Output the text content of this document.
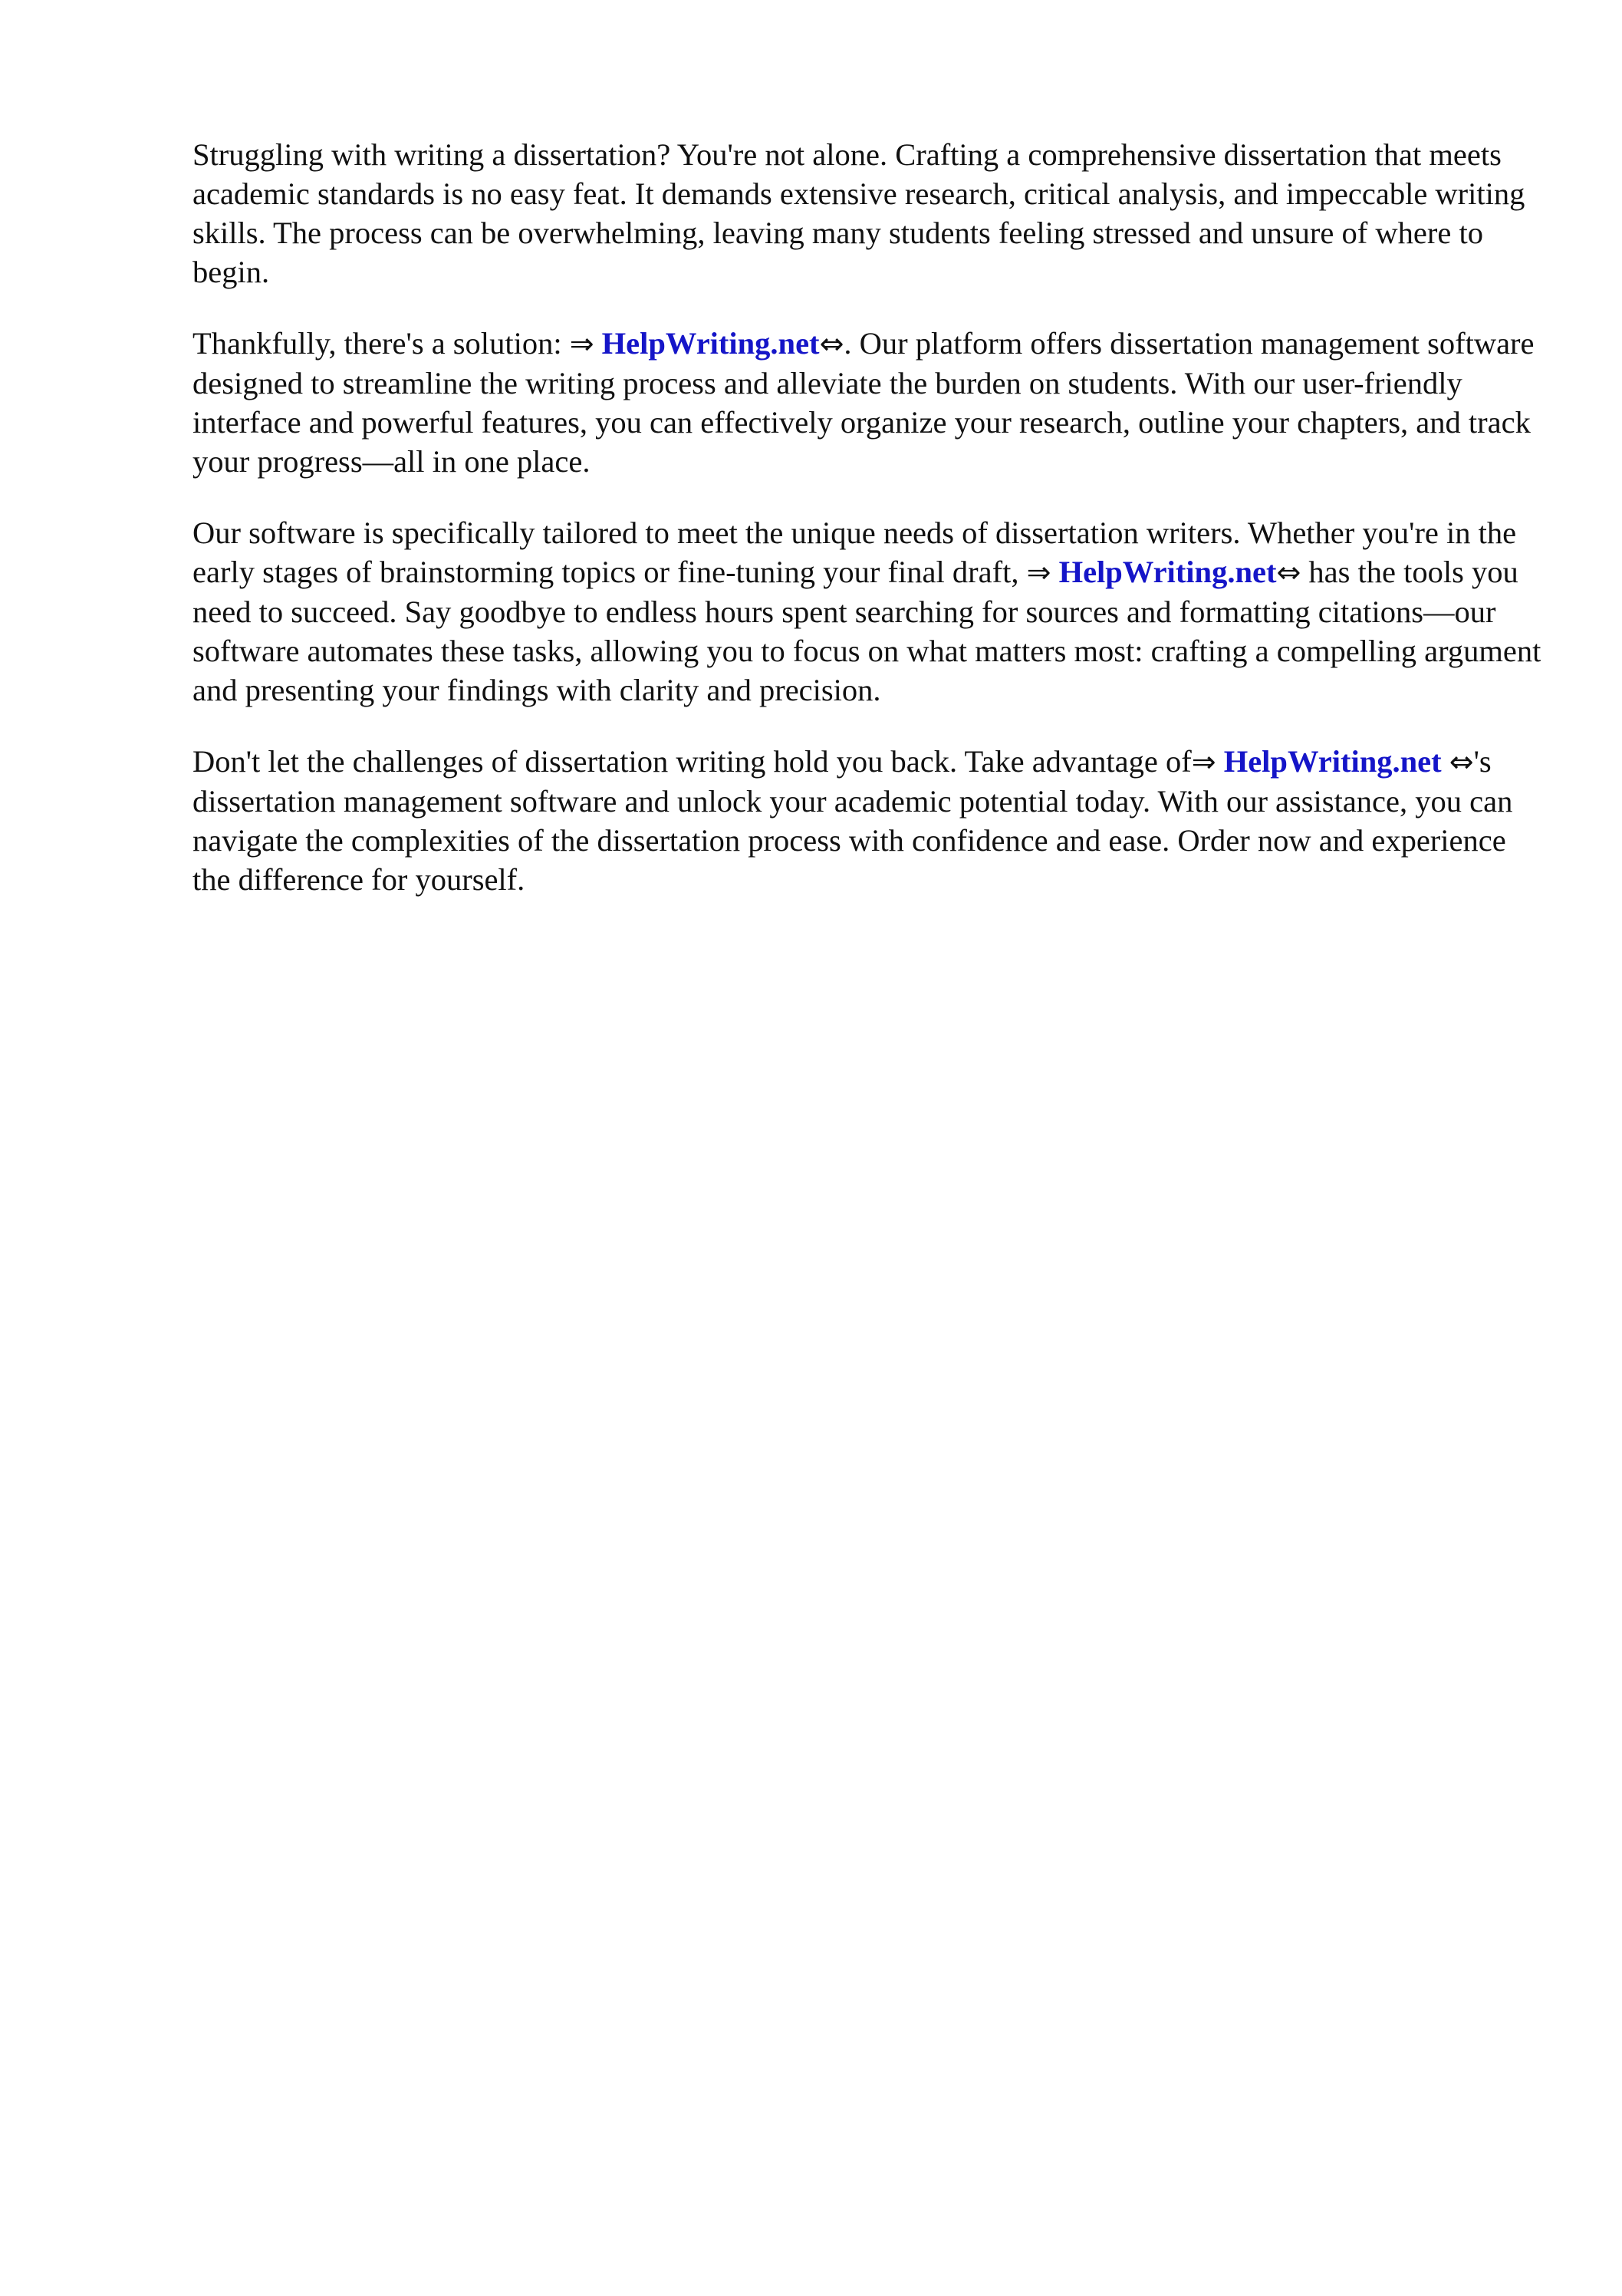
Struggling with writing a dissertation? You're not alone. Crafting a comprehensive dissertation that meets academic standards is no easy feat. It demands extensive research, critical analysis, and impeccable writing skills. The process can be overwhelming, leaving many students feeling stressed and unsure of where to begin.

Thankfully, there's a solution: ⇒ HelpWriting.net⇔. Our platform offers dissertation management software designed to streamline the writing process and alleviate the burden on students. With our user-friendly interface and powerful features, you can effectively organize your research, outline your chapters, and track your progress—all in one place.

Our software is specifically tailored to meet the unique needs of dissertation writers. Whether you're in the early stages of brainstorming topics or fine-tuning your final draft, ⇒ HelpWriting.net⇔ has the tools you need to succeed. Say goodbye to endless hours spent searching for sources and formatting citations—our software automates these tasks, allowing you to focus on what matters most: crafting a compelling argument and presenting your findings with clarity and precision.

Don't let the challenges of dissertation writing hold you back. Take advantage of⇒ HelpWriting.net ⇔'s dissertation management software and unlock your academic potential today. With our assistance, you can navigate the complexities of the dissertation process with confidence and ease. Order now and experience the difference for yourself.
